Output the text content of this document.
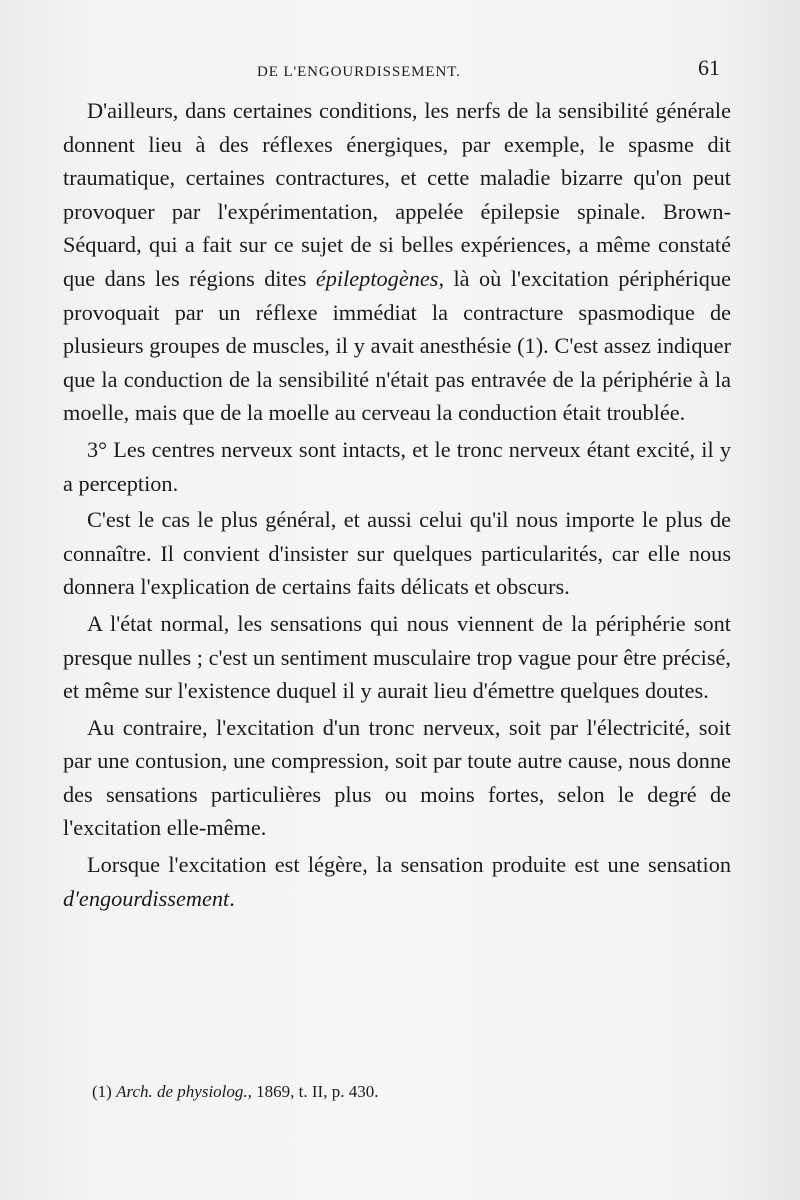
DE L'ENGOURDISSEMENT.	61

D'ailleurs, dans certaines conditions, les nerfs de la sensibilité générale donnent lieu à des réflexes énergiques, par exemple, le spasme dit traumatique, certaines contractures, et cette maladie bizarre qu'on peut provoquer par l'expérimentation, appelée épilepsie spinale. Brown-Séquard, qui a fait sur ce sujet de si belles expériences, a même constaté que dans les régions dites épileptogènes, là où l'excitation périphérique provoquait par un réflexe immédiat la contracture spasmodique de plusieurs groupes de muscles, il y avait anesthésie (1). C'est assez indiquer que la conduction de la sensibilité n'était pas entravée de la périphérie à la moelle, mais que de la moelle au cerveau la conduction était troublée.

3° Les centres nerveux sont intacts, et le tronc nerveux étant excité, il y a perception.

C'est le cas le plus général, et aussi celui qu'il nous importe le plus de connaître. Il convient d'insister sur quelques particularités, car elle nous donnera l'explication de certains faits délicats et obscurs.

A l'état normal, les sensations qui nous viennent de la périphérie sont presque nulles ; c'est un sentiment musculaire trop vague pour être précisé, et même sur l'existence duquel il y aurait lieu d'émettre quelques doutes.

Au contraire, l'excitation d'un tronc nerveux, soit par l'électricité, soit par une contusion, une compression, soit par toute autre cause, nous donne des sensations particulières plus ou moins fortes, selon le degré de l'excitation elle-même.

Lorsque l'excitation est légère, la sensation produite est une sensation d'engourdissement.

(1) Arch. de physiolog., 1869, t. II, p. 430.
